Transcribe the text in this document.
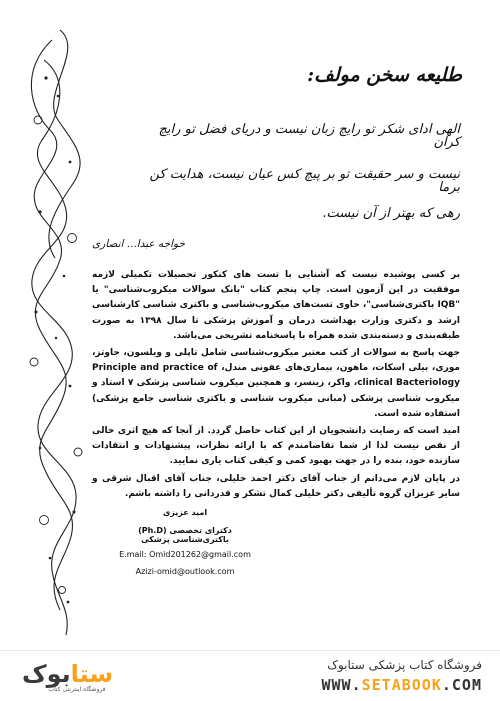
طلیعه سخن مولف:
الهی ادای شکر تو رایچ زبان نیست و دریای فضل تو رایچ کران
نیست و سر حقیقت تو بر پیچ کس عیان نیست، هدایت کن برما
رهی که بهتر از آن نیست.
خواجه عبدا... انصاری

بر کسی پوشیده نیست که آشنایی با تست های کنکور تحصیلات تکمیلی لازمه موفقیت در این آزمون است. چاپ پنجم کتاب "بانک سوالات میکروب‌شناسی" یا "IQB باکتری‌شناسی"، حاوی تست‌های میکروب‌شناسی و باکتری شناسی کارشناسی ارشد و دکتری وزارت بهداشت درمان و آموزش پزشکی تا سال ۱۳۹۸ به صورت طبقه‌بندی و دسته‌بندی شده همراه با پاسخنامه تشریحی می‌باشد.

جهت پاسخ به سوالات از کتب معتبر میکروب‌شناسی شامل تاپلی و ویلسون، جاوتز، موری، بیلی اسکات، ماهون، بیماری‌های عفونی مندل، Principle and practice of clinical Bacteriology، واکر، زینسر، و همچنین میکروب شناسی پزشکی ۷ استاد و میکروب شناسی پزشکی (مبانی میکروب شناسی و باکتری شناسی جامع پزشکی) استفاده شده است.

امید است که رضایت دانشجویان از این کتاب حاصل گردد. از آنجا که هیچ اثری خالی از نقص نیست لذا از شما تقاضامندم که با ارائه نظرات، پیشنهادات و انتقادات سازنده خود، بنده را در جهت بهبود کمی و کیفی کتاب یاری نمایید.

در پایان لازم می‌دانم از جناب آقای دکتر احمد خلیلی، جناب آقای اقبال شرقی و سایر عزیزان گروه تألیفی دکتر خلیلی کمال تشکر و قدردانی را داشته باشم.

امید عزیزی
دکترای تخصصی (Ph.D) باکتری‌شناسی پزشکی
E.mail: Omid201262@gmail.com
Azizi-omid@outlook.com
ستابوک
فروشگاه اینترنتی کتاب
فروشگاه کتاب پزشکی ستابوک
WWW.SETABOOK.COM
